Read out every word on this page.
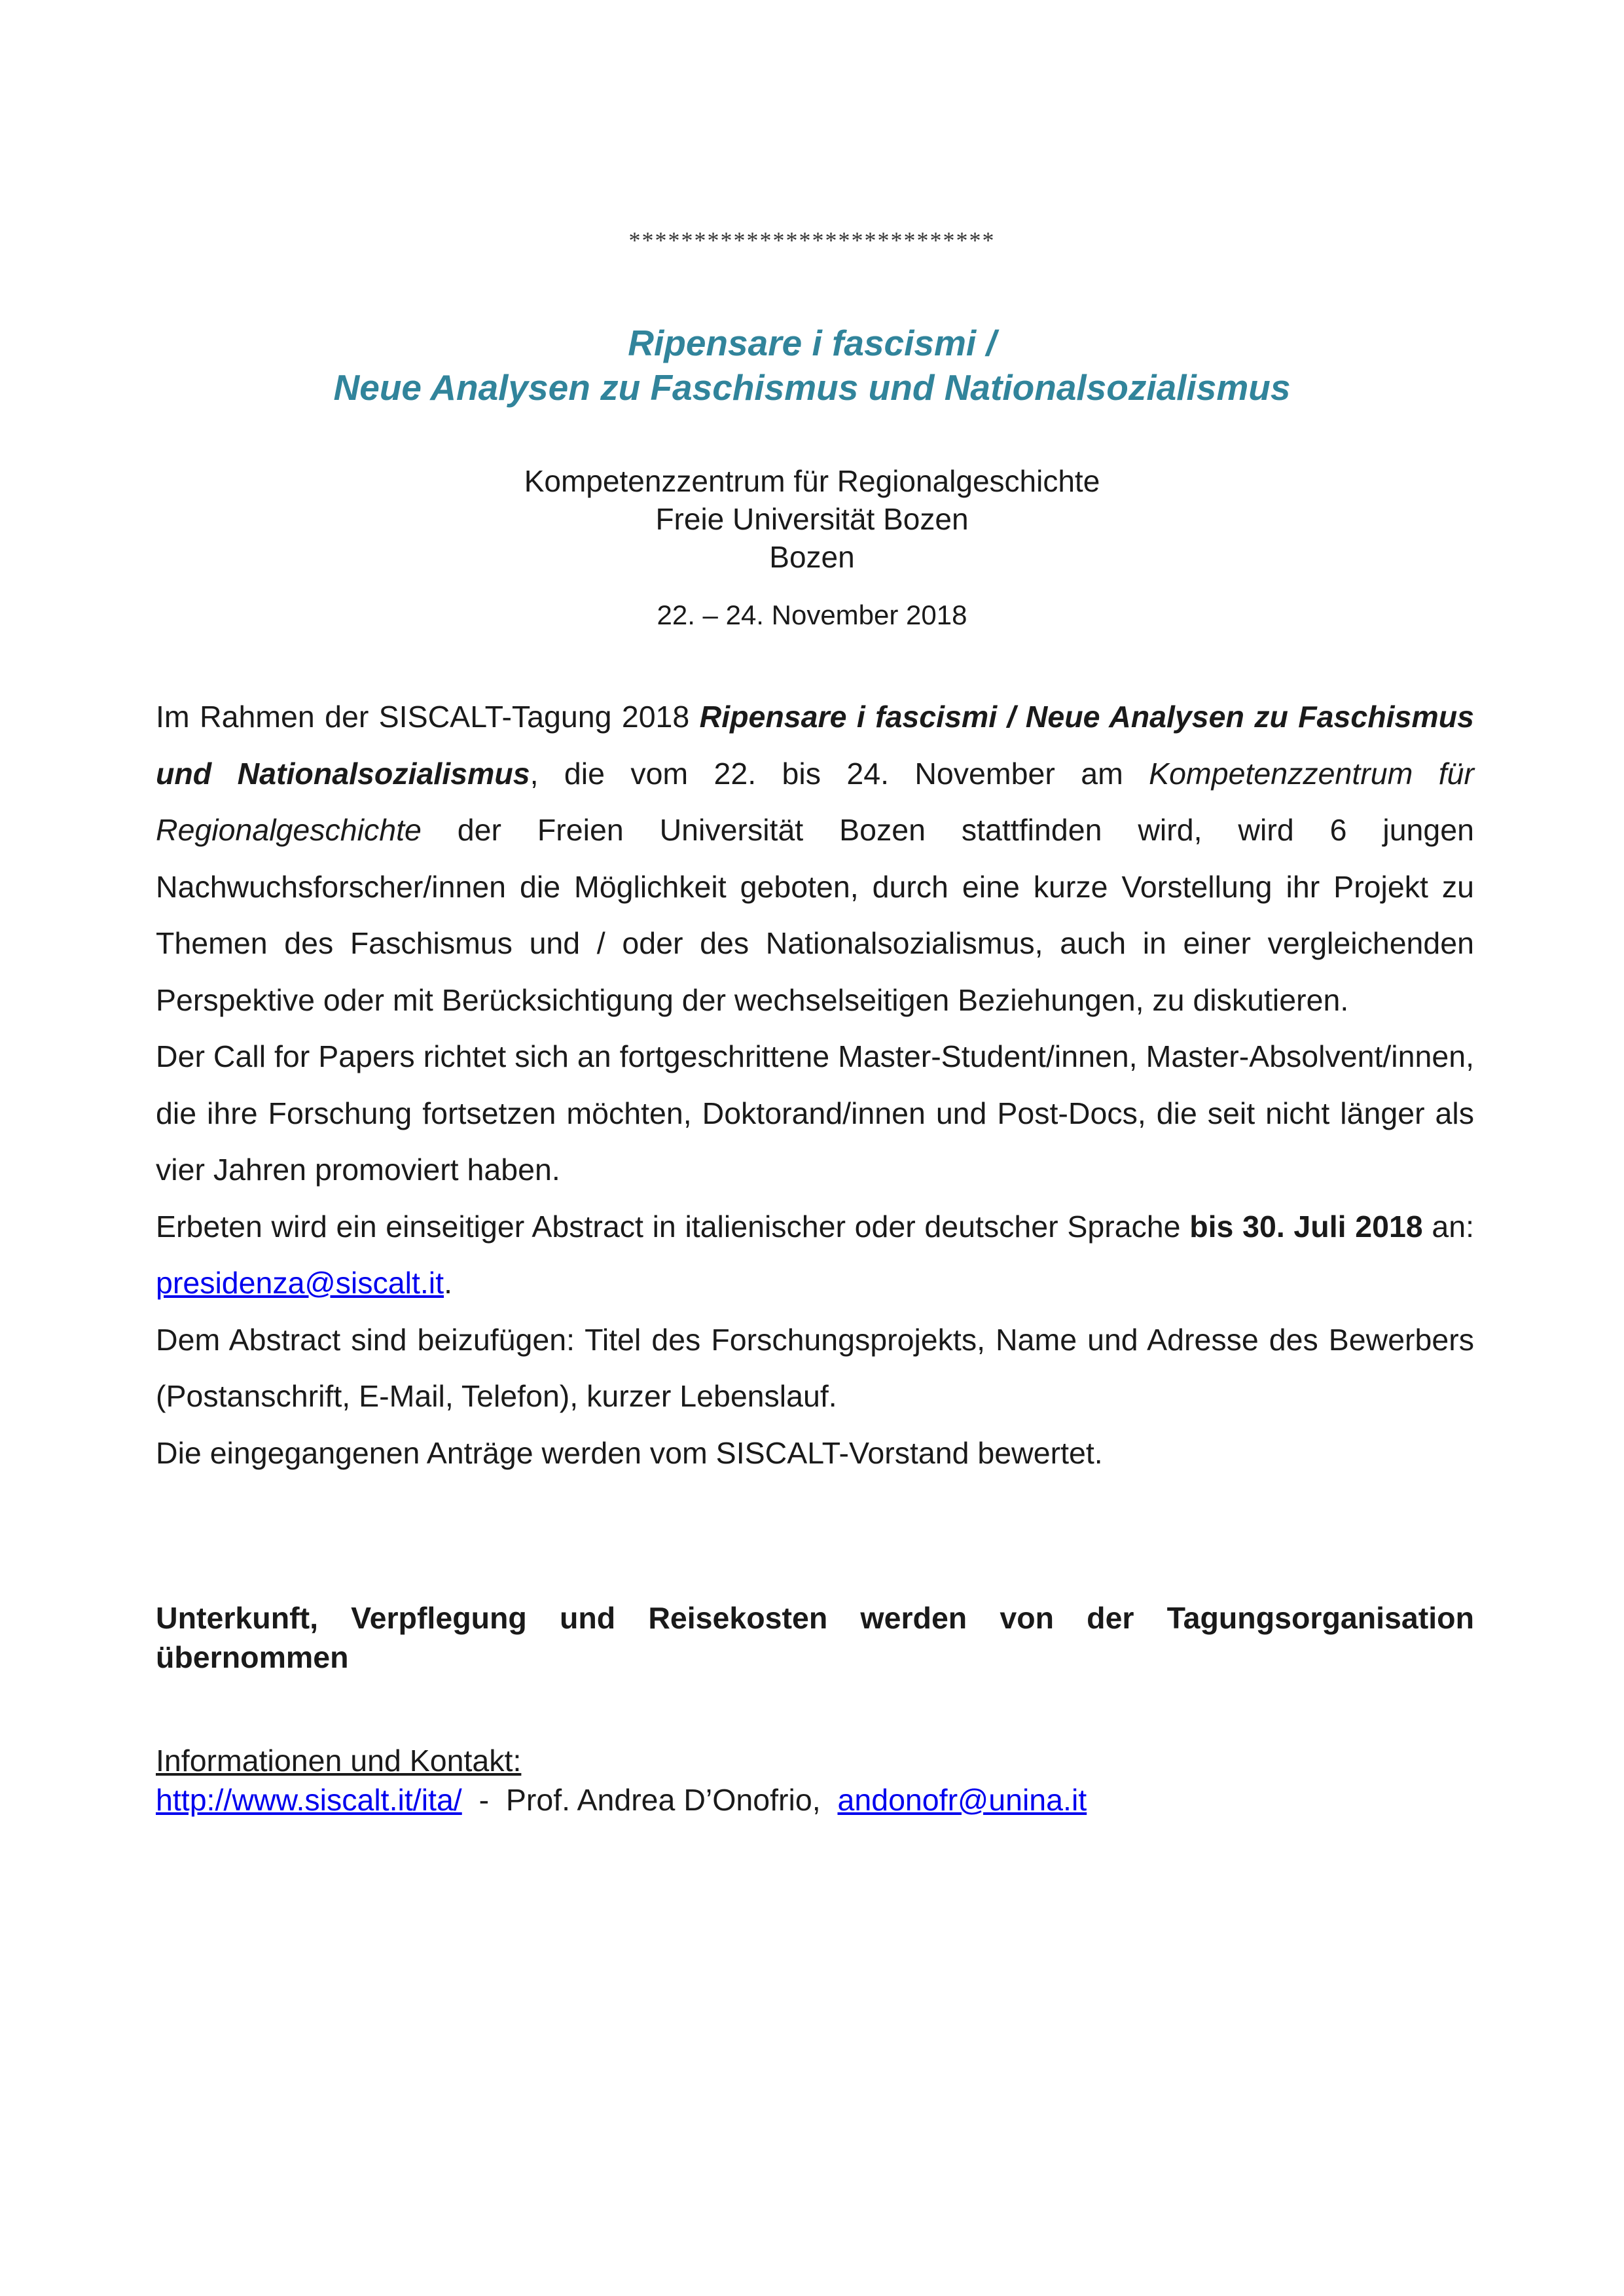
****************************
Ripensare i fascismi /
Neue Analysen zu Faschismus und Nationalsozialismus
Kompetenzzentrum für Regionalgeschichte
Freie Universität Bozen
Bozen
22. – 24. November 2018

Im Rahmen der SISCALT-Tagung 2018 Ripensare i fascismi / Neue Analysen zu Faschismus und Nationalsozialismus, die vom 22. bis 24. November am Kompetenzzentrum für Regionalgeschichte der Freien Universität Bozen stattfinden wird, wird 6 jungen Nachwuchsforscher/innen die Möglichkeit geboten, durch eine kurze Vorstellung ihr Projekt zu Themen des Faschismus und / oder des Nationalsozialismus, auch in einer vergleichenden Perspektive oder mit Berücksichtigung der wechselseitigen Beziehungen, zu diskutieren.

Der Call for Papers richtet sich an fortgeschrittene Master-Student/innen, Master-Absolvent/innen, die ihre Forschung fortsetzen möchten, Doktorand/innen und Post-Docs, die seit nicht länger als vier Jahren promoviert haben.

Erbeten wird ein einseitiger Abstract in italienischer oder deutscher Sprache bis 30. Juli 2018 an: presidenza@siscalt.it.

Dem Abstract sind beizufügen: Titel des Forschungsprojekts, Name und Adresse des Bewerbers (Postanschrift, E-Mail, Telefon), kurzer Lebenslauf.

Die eingegangenen Anträge werden vom SISCALT-Vorstand bewertet.

Unterkunft, Verpflegung und Reisekosten werden von der Tagungsorganisation
übernommen
Informationen und Kontakt:
http://www.siscalt.it/ita/  -  Prof. Andrea D’Onofrio,  andonofr@unina.it
